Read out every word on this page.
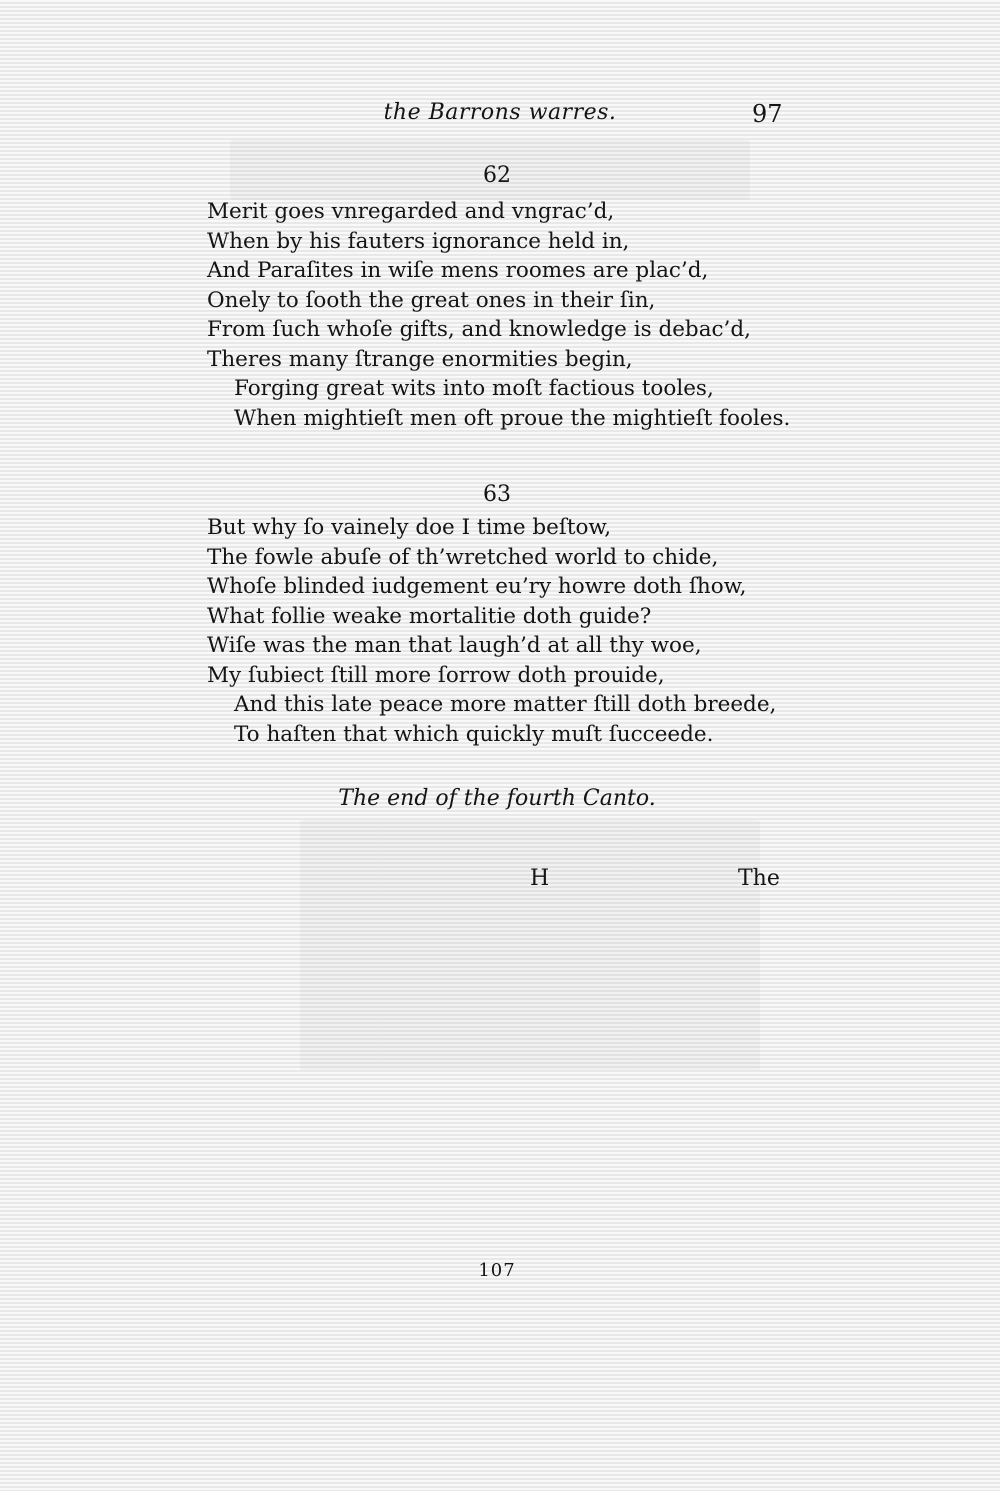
the Barrons warres.	97
62
Merit goes vnregarded and vngrac’d,
When by his fauters ignorance held in,
And Paraſites in wiſe mens roomes are plac’d,
Onely to ſooth the great ones in their ſin,
From ſuch whoſe gifts, and knowledge is debac’d,
Theres many ſtrange enormities begin,
Forging great wits into moſt factious tooles,
When mightieſt men oft proue the mightieſt fooles.
63
But why ſo vainely doe I time beſtow,
The fowle abuſe of th’wretched world to chide,
Whoſe blinded iudgement eu’ry howre doth ſhow,
What follie weake mortalitie doth guide?
Wiſe was the man that laugh’d at all thy woe,
My ſubiect ſtill more ſorrow doth prouide,
And this late peace more matter ſtill doth breede,
To haſten that which quickly muſt ſucceede.
The end of the fourth Canto.
H	The
107
